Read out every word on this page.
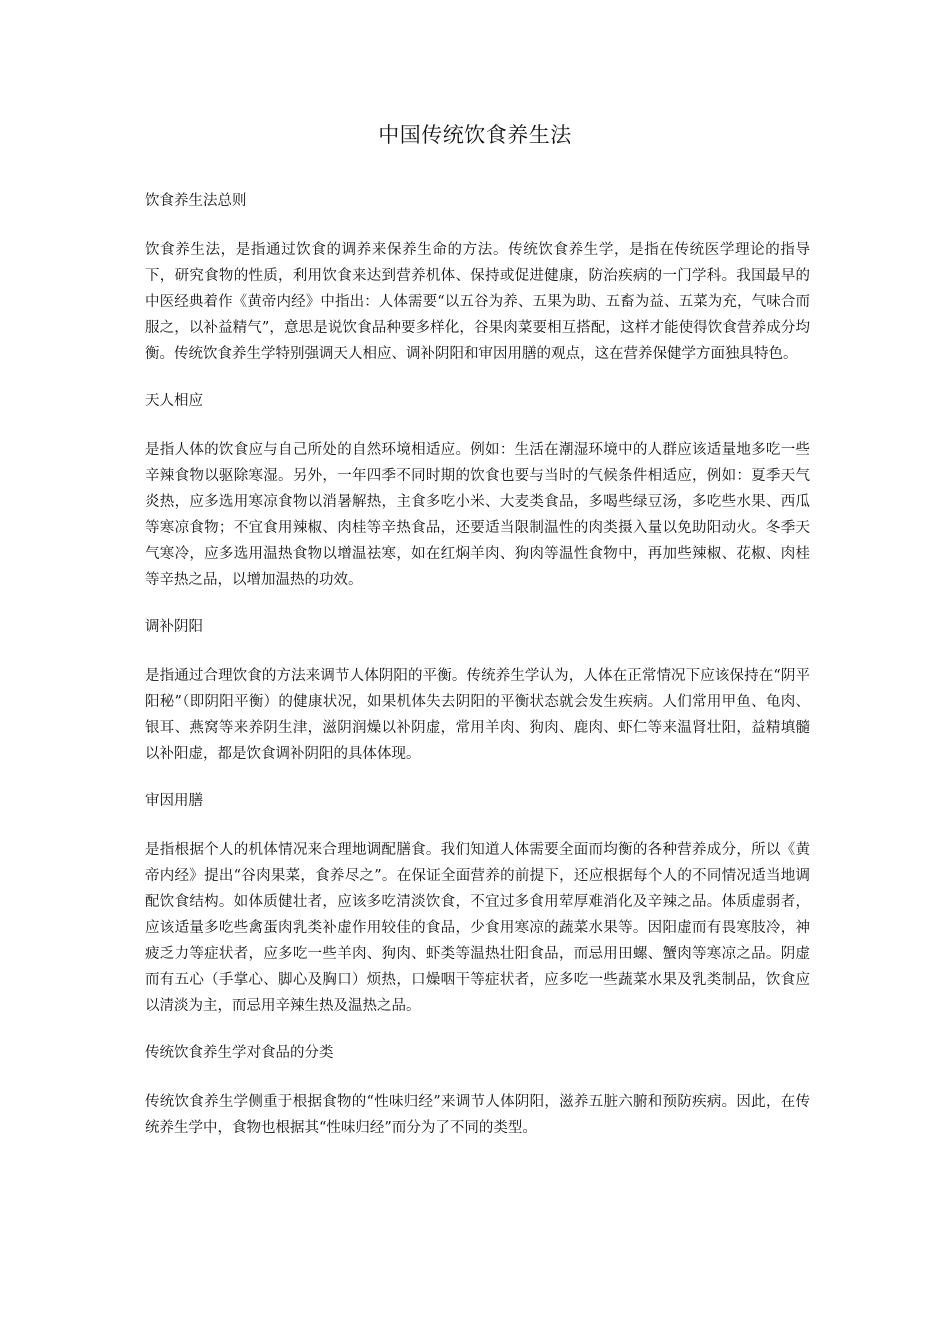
中国传统饮食养生法

饮食养生法总则

饮食养生法，是指通过饮食的调养来保养生命的方法。传统饮食养生学，是指在传统医学理论的指导下，研究食物的性质，利用饮食来达到营养机体、保持或促进健康，防治疾病的一门学科。我国最早的中医经典着作《黄帝内经》中指出：人体需要“以五谷为养、五果为助、五畜为益、五菜为充，气味合而服之，以补益精气”，意思是说饮食品种要多样化，谷果肉菜要相互搭配，这样才能使得饮食营养成分均衡。传统饮食养生学特别强调天人相应、调补阴阳和审因用膳的观点，这在营养保健学方面独具特色。

天人相应

是指人体的饮食应与自己所处的自然环境相适应。例如：生活在潮湿环境中的人群应该适量地多吃一些辛辣食物以驱除寒湿。另外，一年四季不同时期的饮食也要与当时的气候条件相适应，例如：夏季天气炎热，应多选用寒凉食物以消暑解热，主食多吃小米、大麦类食品，多喝些绿豆汤，多吃些水果、西瓜等寒凉食物；不宜食用辣椒、肉桂等辛热食品，还要适当限制温性的肉类摄入量以免助阳动火。冬季天气寒冷，应多选用温热食物以增温祛寒，如在红焖羊肉、狗肉等温性食物中，再加些辣椒、花椒、肉桂等辛热之品，以增加温热的功效。

调补阴阳

是指通过合理饮食的方法来调节人体阴阳的平衡。传统养生学认为，人体在正常情况下应该保持在“阴平阳秘”（即阴阳平衡）的健康状况，如果机体失去阴阳的平衡状态就会发生疾病。人们常用甲鱼、龟肉、银耳、燕窝等来养阴生津，滋阴润燥以补阴虚，常用羊肉、狗肉、鹿肉、虾仁等来温肾壮阳，益精填髓以补阳虚，都是饮食调补阴阳的具体体现。

审因用膳

是指根据个人的机体情况来合理地调配膳食。我们知道人体需要全面而均衡的各种营养成分，所以《黄帝内经》提出“谷肉果菜，食养尽之”。在保证全面营养的前提下，还应根据每个人的不同情况适当地调配饮食结构。如体质健壮者，应该多吃清淡饮食，不宜过多食用荤厚难消化及辛辣之品。体质虚弱者，应该适量多吃些禽蛋肉乳类补虚作用较佳的食品，少食用寒凉的蔬菜水果等。因阳虚而有畏寒肢冷，神疲乏力等症状者，应多吃一些羊肉、狗肉、虾类等温热壮阳食品，而忌用田螺、蟹肉等寒凉之品。阴虚而有五心（手掌心、脚心及胸口）烦热，口燥咽干等症状者，应多吃一些蔬菜水果及乳类制品，饮食应以清淡为主，而忌用辛辣生热及温热之品。

传统饮食养生学对食品的分类

传统饮食养生学侧重于根据食物的“性味归经”来调节人体阴阳，滋养五脏六腑和预防疾病。因此，在传统养生学中，食物也根据其“性味归经”而分为了不同的类型。
